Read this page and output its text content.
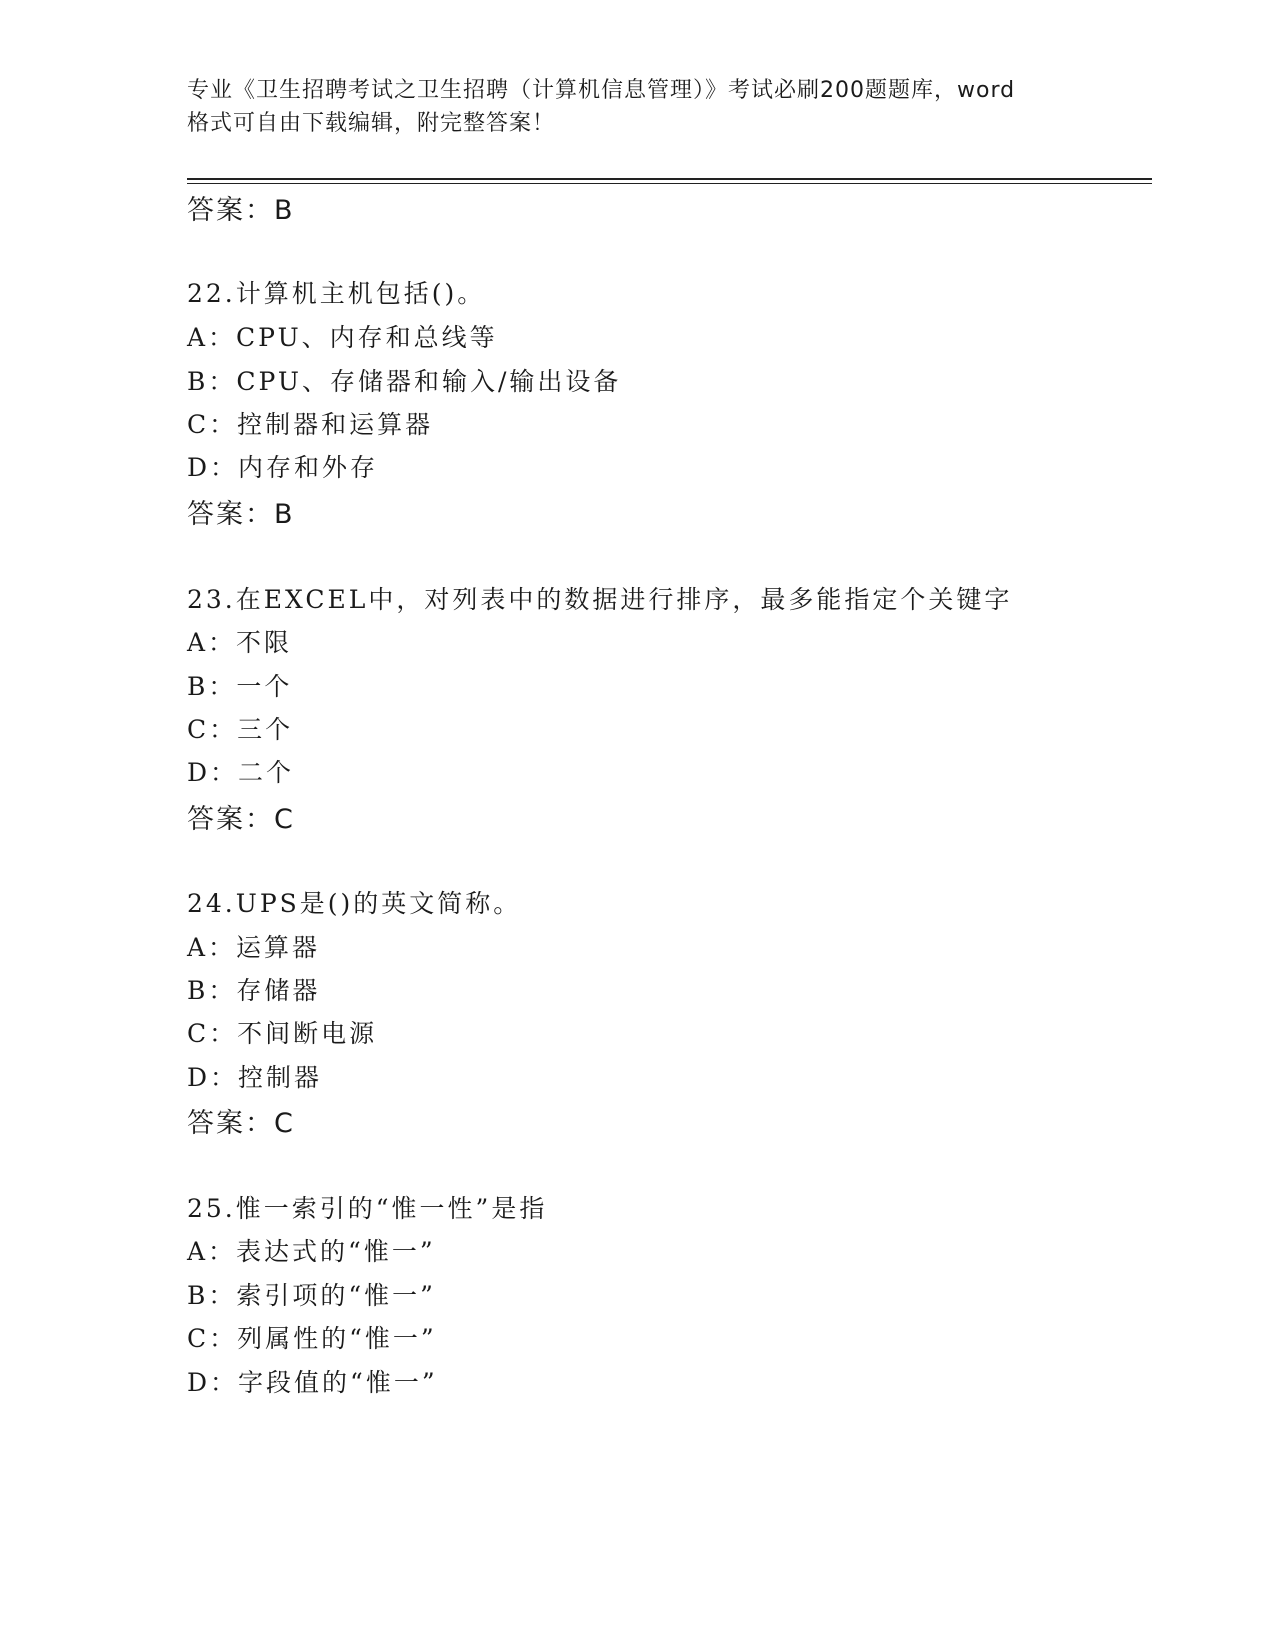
专业《卫生招聘考试之卫生招聘（计算机信息管理）》考试必刷200题题库，word
格式可自由下载编辑，附完整答案！
答案：B
22.计算机主机包括()。
A：CPU、内存和总线等
B：CPU、存储器和输入/输出设备
C：控制器和运算器
D：内存和外存
答案：B
23.在EXCEL中，对列表中的数据进行排序，最多能指定个关键字
A：不限
B：一个
C：三个
D：二个
答案：C
24.UPS是()的英文简称。
A：运算器
B：存储器
C：不间断电源
D：控制器
答案：C
25.惟一索引的“惟一性”是指
A：表达式的“惟一”
B：索引项的“惟一”
C：列属性的“惟一”
D：字段值的“惟一”
